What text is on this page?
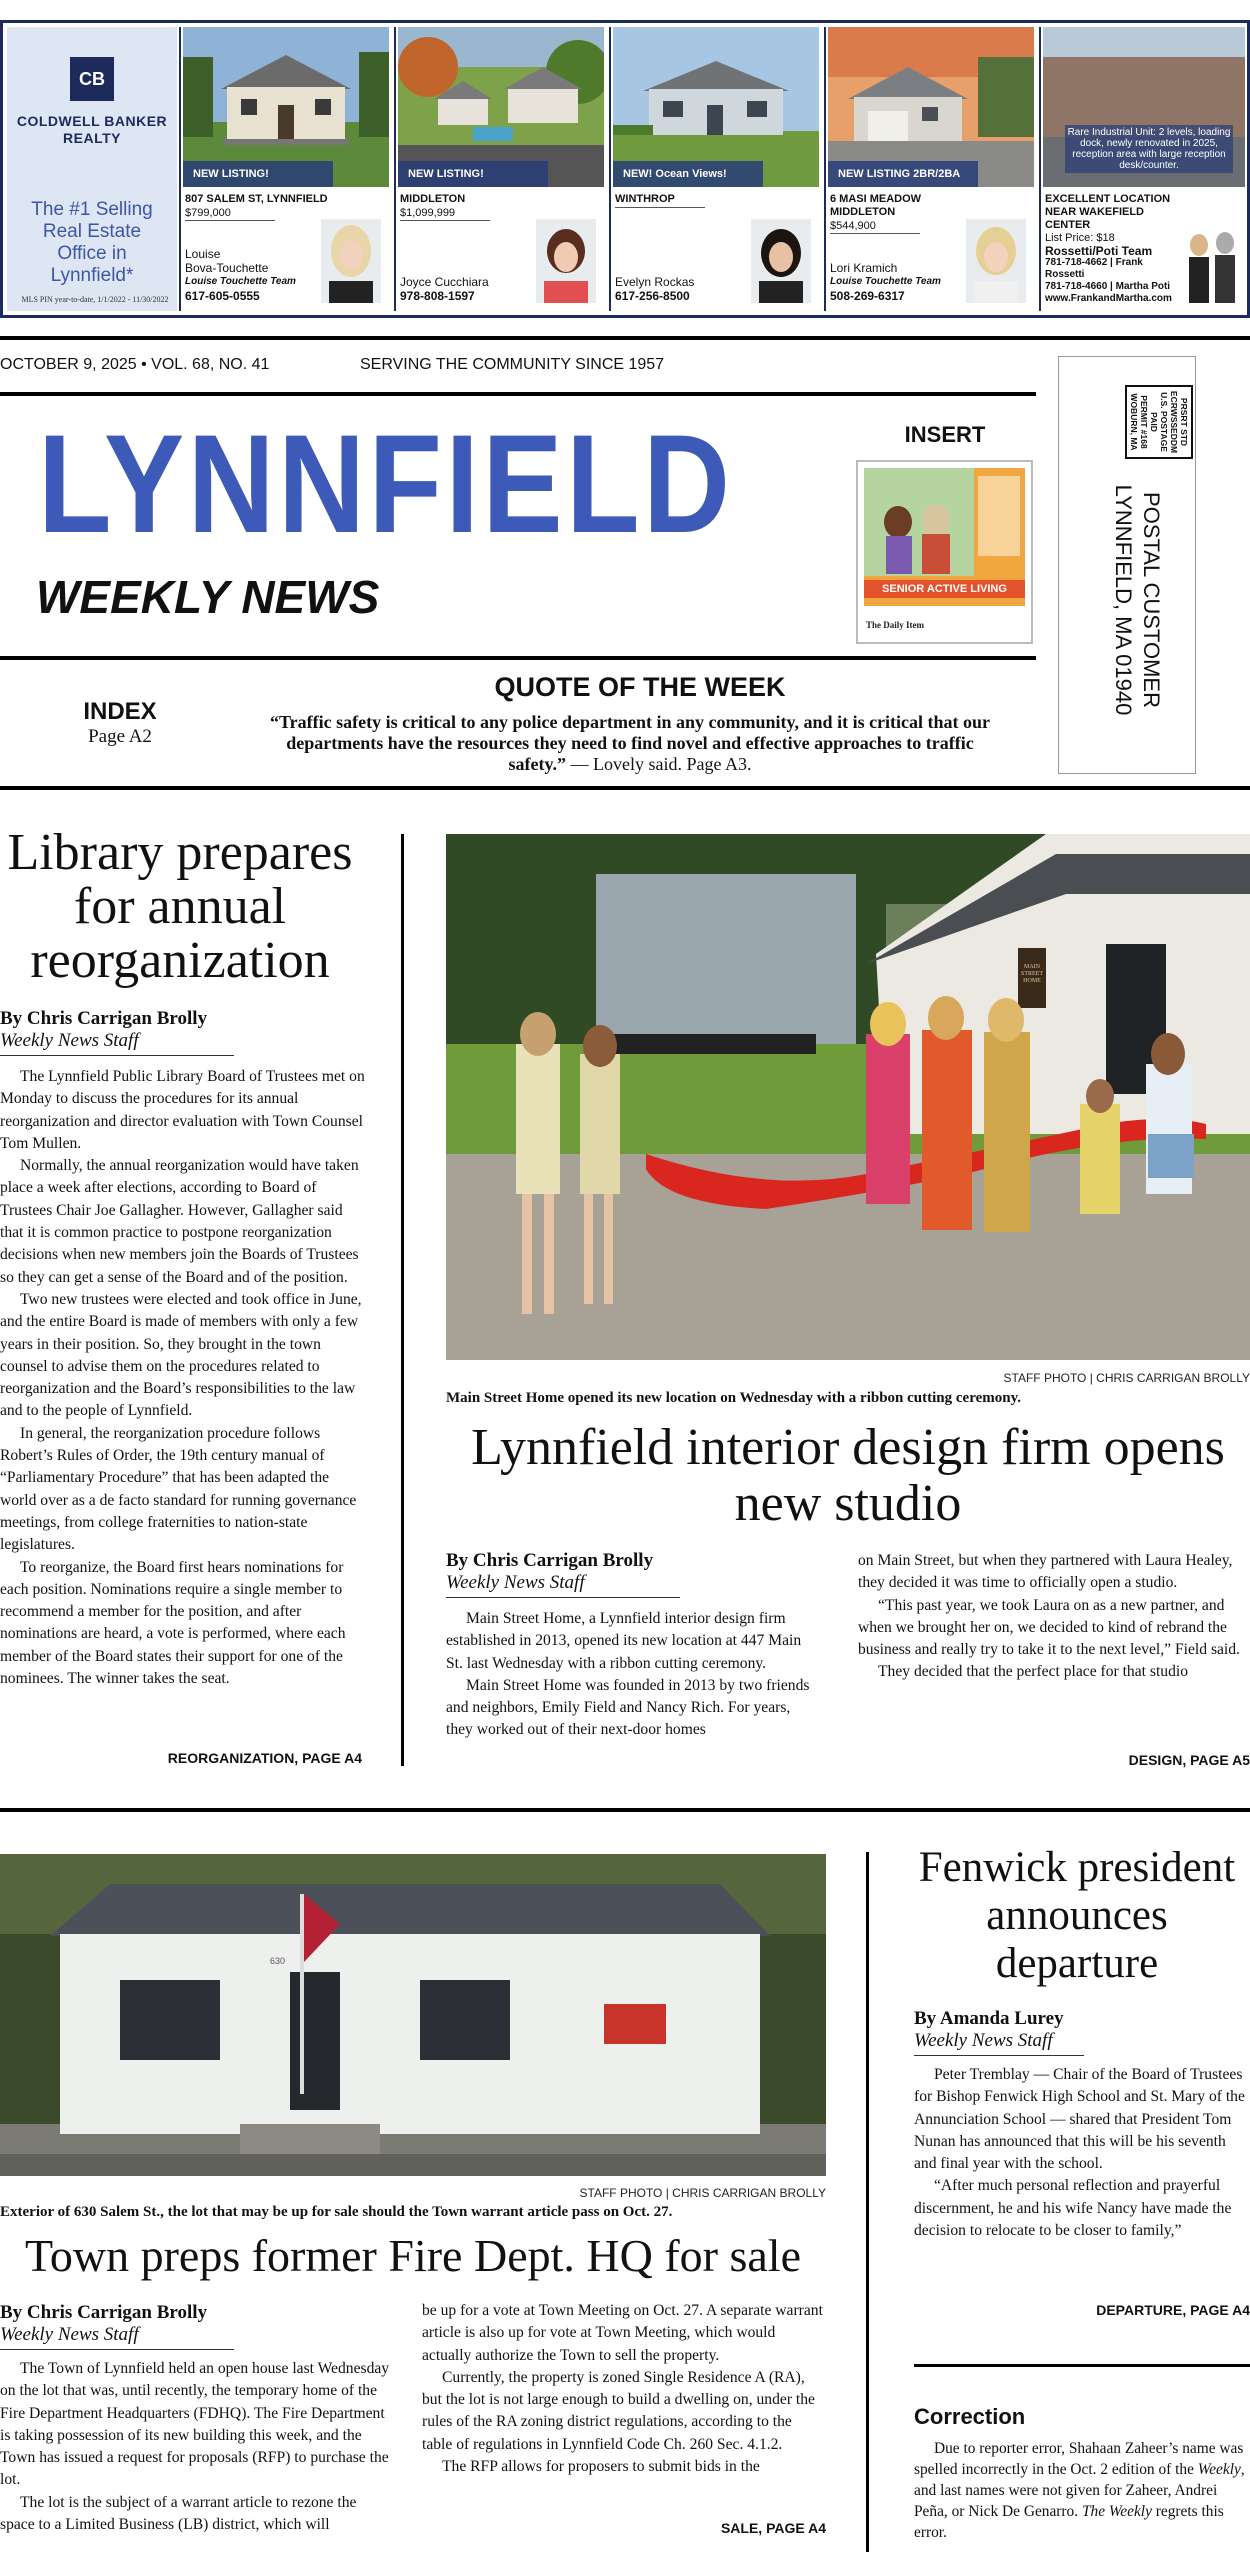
CB
COLDWELL BANKER
REALTY
The #1 Selling Real Estate Office in Lynnfield*
MLS PIN year-to-date, 1/1/2022 - 11/30/2022
NEW LISTING!
807 SALEM ST, LYNNFIELD

$799,000
Louise
Bova-Touchette
Louise Touchette Team
617-605-0555
NEW LISTING!
MIDDLETON

$1,099,999
Joyce Cucchiara
978-808-1597
NEW! Ocean Views!
WINTHROP
Evelyn Rockas
617-256-8500
NEW LISTING 2BR/2BA
6 MASI MEADOW
MIDDLETON

$544,900
Lori Kramich
Louise Touchette Team
508-269-6317
Rare Industrial Unit: 2 levels, loading dock, newly renovated in 2025, reception area with large reception desk/counter.
EXCELLENT LOCATION
NEAR WAKEFIELD
CENTER
List Price: $18
Rossetti/Poti Team
781-718-4662 | Frank Rossetti
781-718-4660 | Martha Poti
www.FrankandMartha.com
OCTOBER 9, 2025 • VOL. 68, NO. 41	SERVING THE COMMUNITY SINCE 1957
LYNNFIELD
WEEKLY NEWS
INSERT
SENIOR ACTIVE LIVING
The Daily Item
PRSRT STD
ECRWSSEDDM
U.S. POSTAGE
PAID
PERMIT #168
WOBURN, MA
POSTAL CUSTOMER
LYNNFIELD, MA 01940
QUOTE OF THE WEEK
INDEX
Page A2
“Traffic safety is critical to any police department in any community, and it is critical that our departments have the resources they need to find novel and effective approaches to traffic safety.” — Lovely said. Page A3.
Library prepares for annual reorganization
By Chris Carrigan Brolly
Weekly News Staff

The Lynnfield Public Library Board of Trustees met on Monday to discuss the procedures for its annual reorganization and director evaluation with Town Counsel Tom Mullen.

Normally, the annual reorganization would have taken place a week after elections, according to Board of Trustees Chair Joe Gallagher. However, Gallagher said that it is common practice to postpone reorganization decisions when new members join the Boards of Trustees so they can get a sense of the Board and of the position.

Two new trustees were elected and took office in June, and the entire Board is made of members with only a few years in their position. So, they brought in the town counsel to advise them on the procedures related to reorganization and the Board’s responsibilities to the law and to the people of Lynnfield.

In general, the reorganization procedure follows Robert’s Rules of Order, the 19th century manual of “Parliamentary Procedure” that has been adapted the world over as a de facto standard for running governance meetings, from college fraternities to nation-state legislatures.

To reorganize, the Board first hears nominations for each position. Nominations require a single member to recommend a member for the position, and after nominations are heard, a vote is performed, where each member of the Board states their support for one of the nominees. The winner takes the seat.

REORGANIZATION, PAGE A4
MAIN STREET HOME
STAFF PHOTO | CHRIS CARRIGAN BROLLY
Main Street Home opened its new location on Wednesday with a ribbon cutting ceremony.
Lynnfield interior design firm opens new studio
By Chris Carrigan Brolly
Weekly News Staff

Main Street Home, a Lynnfield interior design firm established in 2013, opened its new location at 447 Main St. last Wednesday with a ribbon cutting ceremony.

Main Street Home was founded in 2013 by two friends and neighbors, Emily Field and Nancy Rich. For years, they worked out of their next-door homes

on Main Street, but when they partnered with Laura Healey, they decided it was time to officially open a studio.

“This past year, we took Laura on as a new partner, and when we brought her on, we decided to kind of rebrand the business and really try to take it to the next level,” Field said.

They decided that the perfect place for that studio

DESIGN, PAGE A5
630
STAFF PHOTO | CHRIS CARRIGAN BROLLY
Exterior of 630 Salem St., the lot that may be up for sale should the Town warrant article pass on Oct. 27.
Town preps former Fire Dept. HQ for sale
By Chris Carrigan Brolly
Weekly News Staff

The Town of Lynnfield held an open house last Wednesday on the lot that was, until recently, the temporary home of the Fire Department Headquarters (FDHQ). The Fire Department is taking possession of its new building this week, and the Town has issued a request for proposals (RFP) to purchase the lot.

The lot is the subject of a warrant article to rezone the space to a Limited Business (LB) district, which will

be up for a vote at Town Meeting on Oct. 27. A separate warrant article is also up for vote at Town Meeting, which would actually authorize the Town to sell the property.

Currently, the property is zoned Single Residence A (RA), but the lot is not large enough to build a dwelling on, under the rules of the RA zoning district regulations, according to the table of regulations in Lynnfield Code Ch. 260 Sec. 4.1.2.

The RFP allows for proposers to submit bids in the

SALE, PAGE A4
Fenwick president announces departure
By Amanda Lurey
Weekly News Staff

Peter Tremblay — Chair of the Board of Trustees for Bishop Fenwick High School and St. Mary of the Annunciation School — shared that President Tom Nunan has announced that this will be his seventh and final year with the school.

“After much personal reflection and prayerful discernment, he and his wife Nancy have made the decision to relocate to be closer to family,”

DEPARTURE, PAGE A4
Correction

Due to reporter error, Shahaan Zaheer’s name was spelled incorrectly in the Oct. 2 edition of the Weekly, and last names were not given for Zaheer, Andrei Peña, or Nick De Genarro. The Weekly regrets this error.
